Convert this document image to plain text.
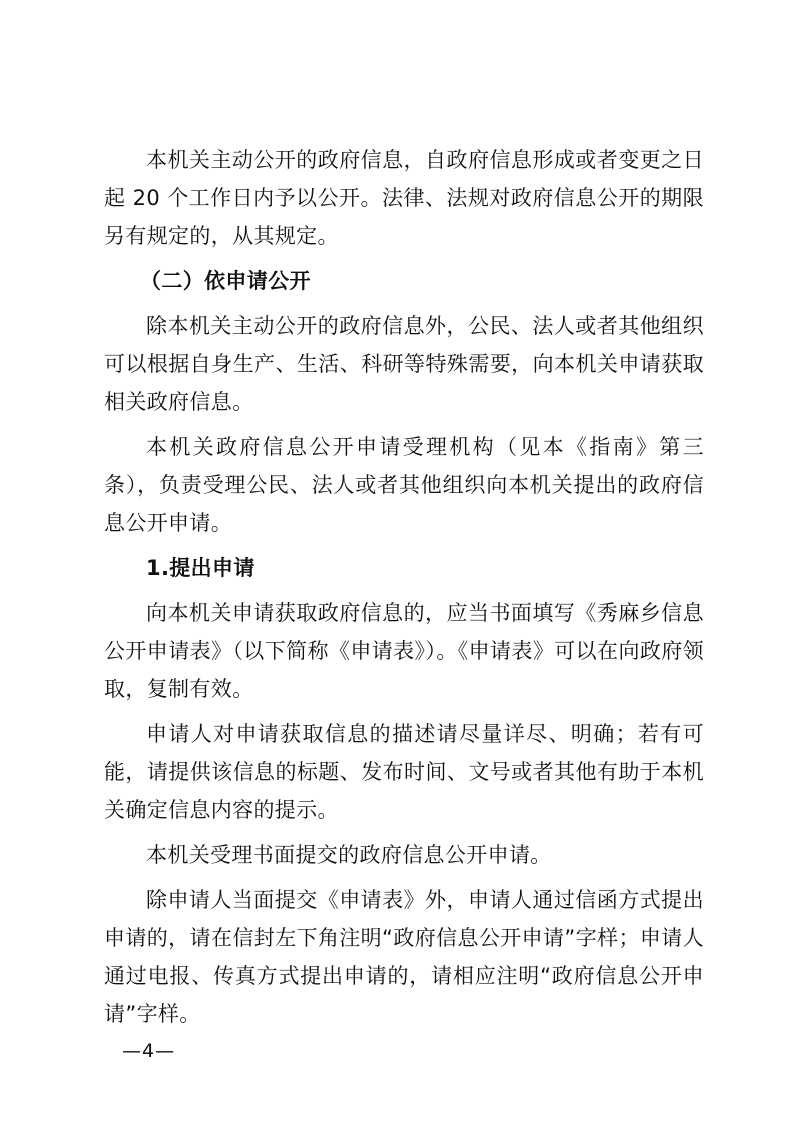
本机关主动公开的政府信息，自政府信息形成或者变更之日起 20 个工作日内予以公开。法律、法规对政府信息公开的期限另有规定的，从其规定。

（二）依申请公开

除本机关主动公开的政府信息外，公民、法人或者其他组织可以根据自身生产、生活、科研等特殊需要，向本机关申请获取相关政府信息。

本机关政府信息公开申请受理机构（见本《指南》第三条），负责受理公民、法人或者其他组织向本机关提出的政府信息公开申请。

1.提出申请

向本机关申请获取政府信息的，应当书面填写《秀麻乡信息公开申请表》（以下简称《申请表》）。《申请表》可以在向政府领取，复制有效。

申请人对申请获取信息的描述请尽量详尽、明确；若有可能，请提供该信息的标题、发布时间、文号或者其他有助于本机关确定信息内容的提示。

本机关受理书面提交的政府信息公开申请。

除申请人当面提交《申请表》外，申请人通过信函方式提出申请的，请在信封左下角注明“政府信息公开申请”字样；申请人通过电报、传真方式提出申请的，请相应注明“政府信息公开申请”字样。

—4—
